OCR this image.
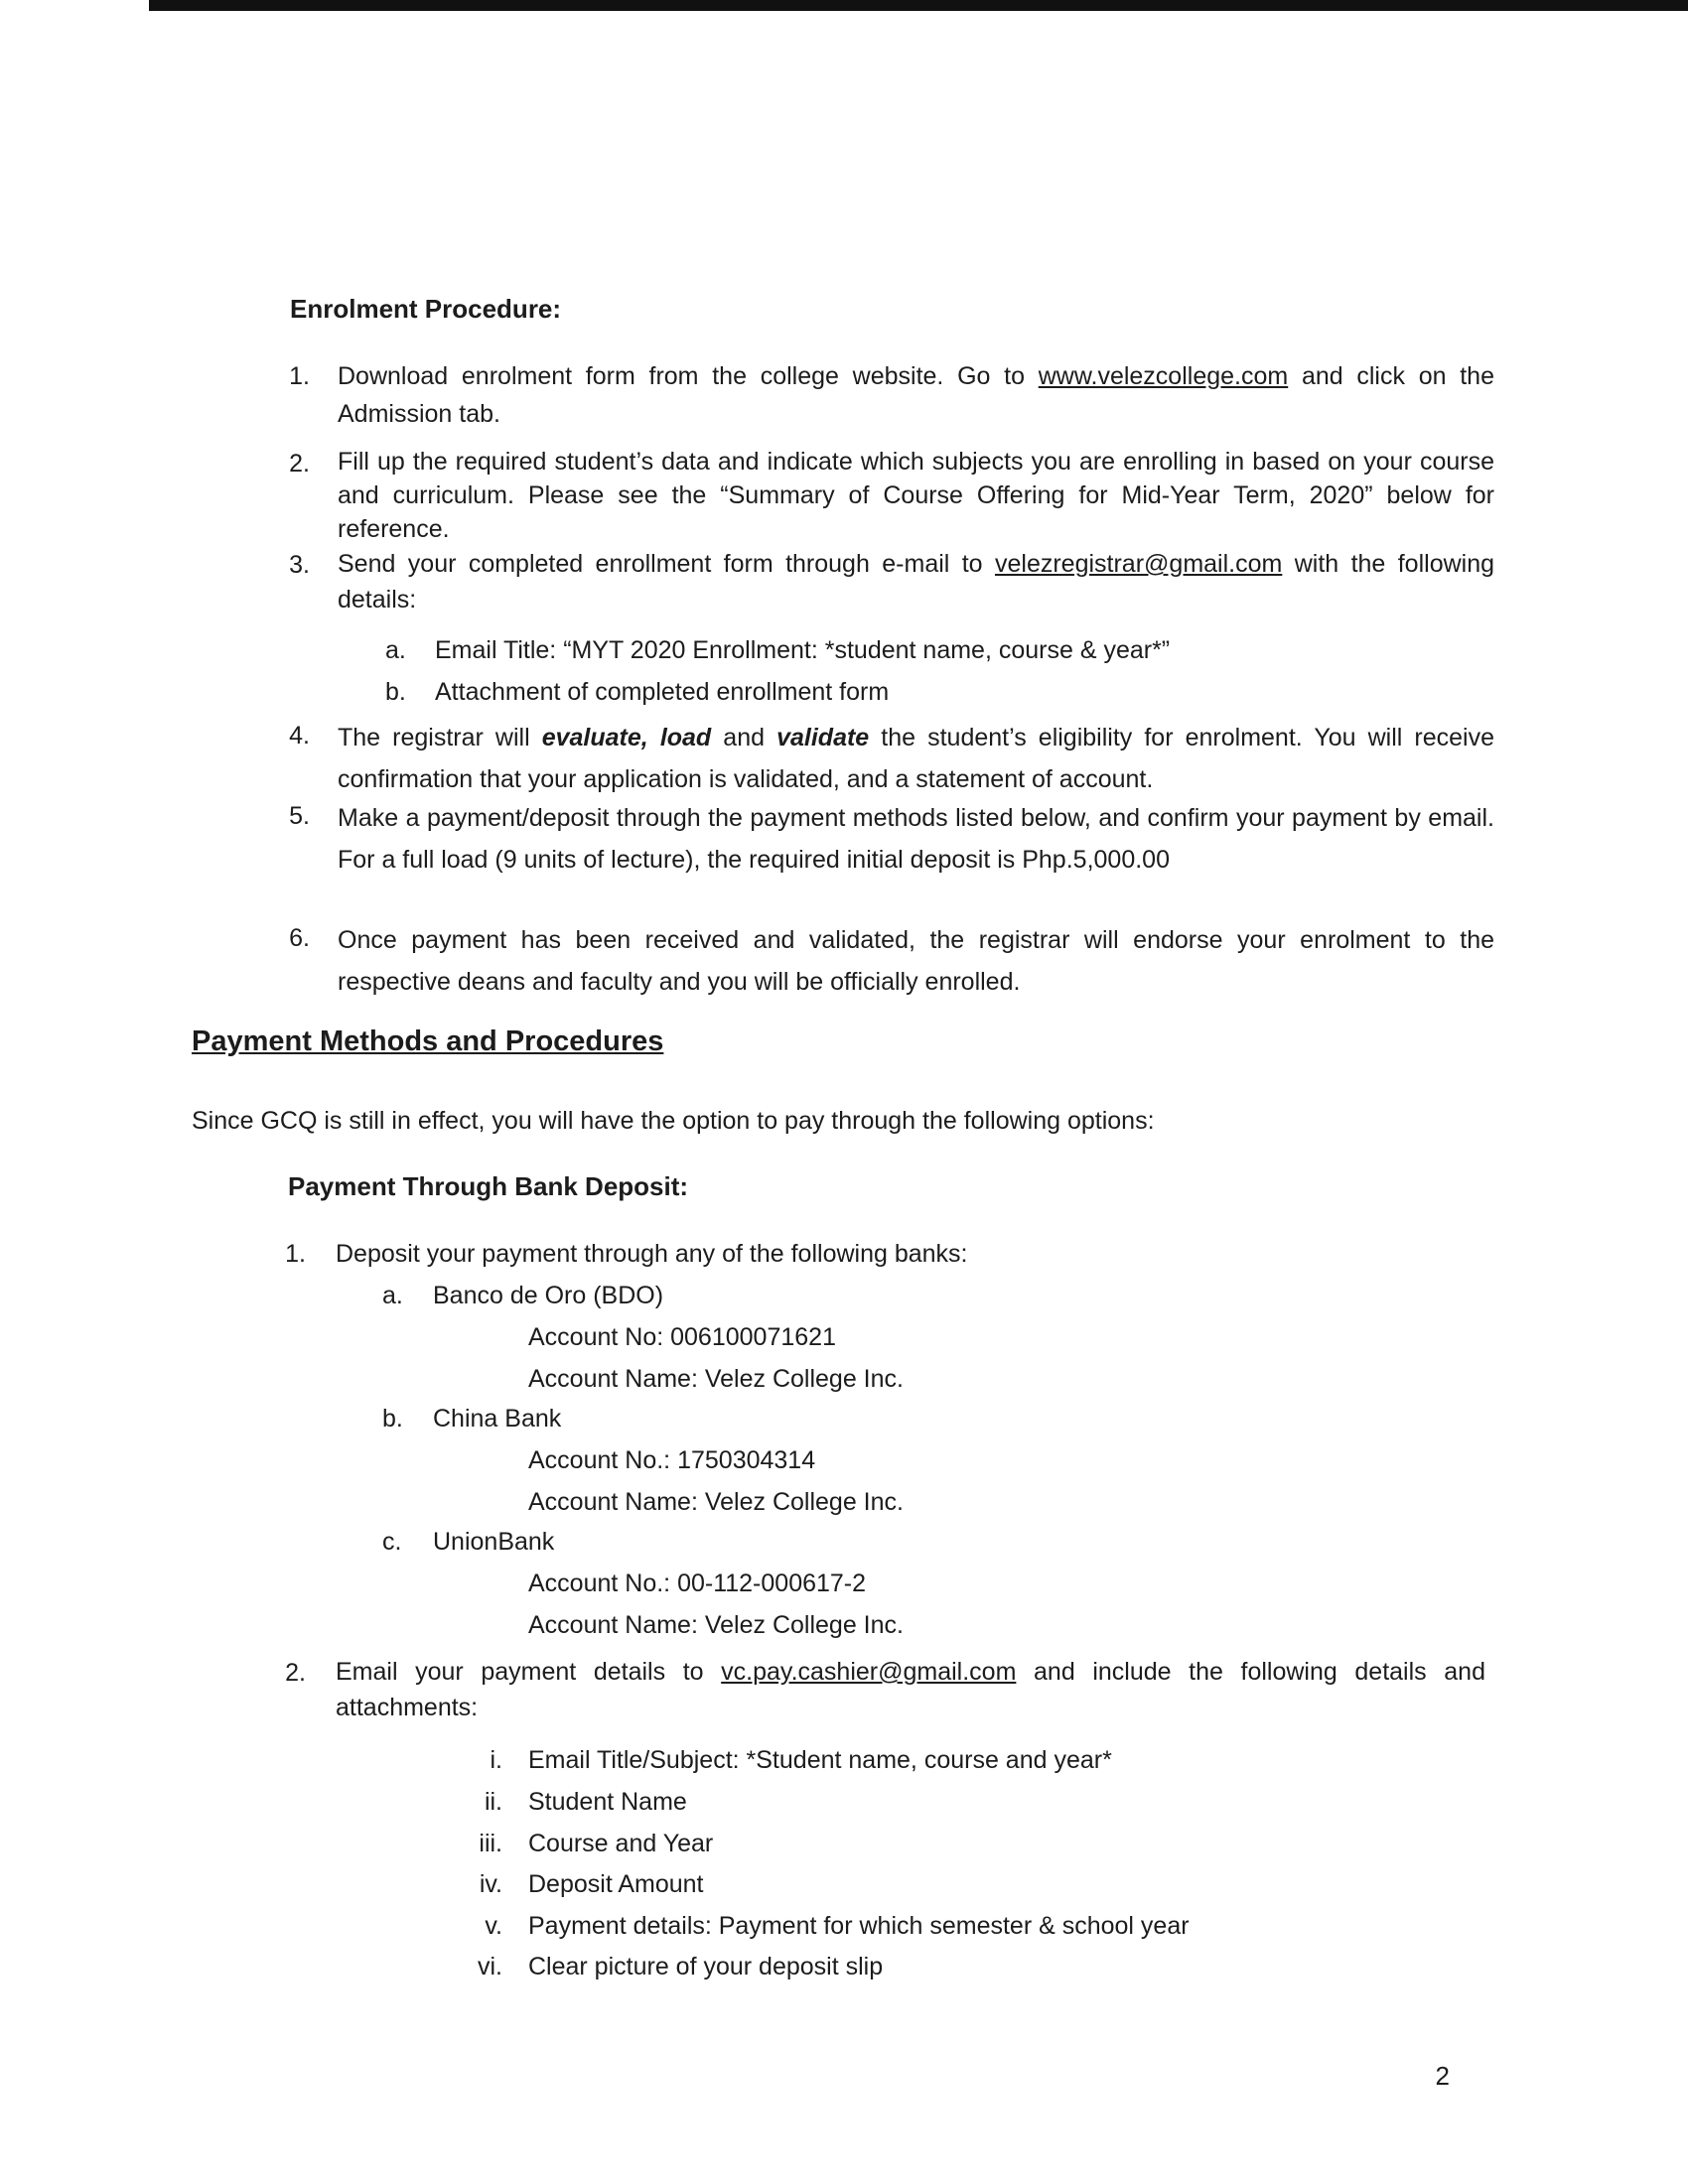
Enrolment Procedure:
1. Download enrolment form from the college website. Go to www.velezcollege.com and click on the Admission tab.
2. Fill up the required student’s data and indicate which subjects you are enrolling in based on your course and curriculum. Please see the “Summary of Course Offering for Mid-Year Term, 2020” below for reference.
3. Send your completed enrollment form through e-mail to velezregistrar@gmail.com with the following details:
a. Email Title: “MYT 2020 Enrollment: *student name, course & year*”
b. Attachment of completed enrollment form
4. The registrar will evaluate, load and validate the student’s eligibility for enrolment. You will receive confirmation that your application is validated, and a statement of account.
5. Make a payment/deposit through the payment methods listed below, and confirm your payment by email. For a full load (9 units of lecture), the required initial deposit is Php.5,000.00
6. Once payment has been received and validated, the registrar will endorse your enrolment to the respective deans and faculty and you will be officially enrolled.
Payment Methods and Procedures
Since GCQ is still in effect, you will have the option to pay through the following options:
Payment Through Bank Deposit:
1. Deposit your payment through any of the following banks:
a. Banco de Oro (BDO)
Account No: 006100071621
Account Name: Velez College Inc.
b. China Bank
Account No.: 1750304314
Account Name: Velez College Inc.
c. UnionBank
Account No.: 00-112-000617-2
Account Name: Velez College Inc.
2. Email your payment details to vc.pay.cashier@gmail.com and include the following details and attachments:
i. Email Title/Subject: *Student name, course and year*
ii. Student Name
iii. Course and Year
iv. Deposit Amount
v. Payment details: Payment for which semester & school year
vi. Clear picture of your deposit slip
2
